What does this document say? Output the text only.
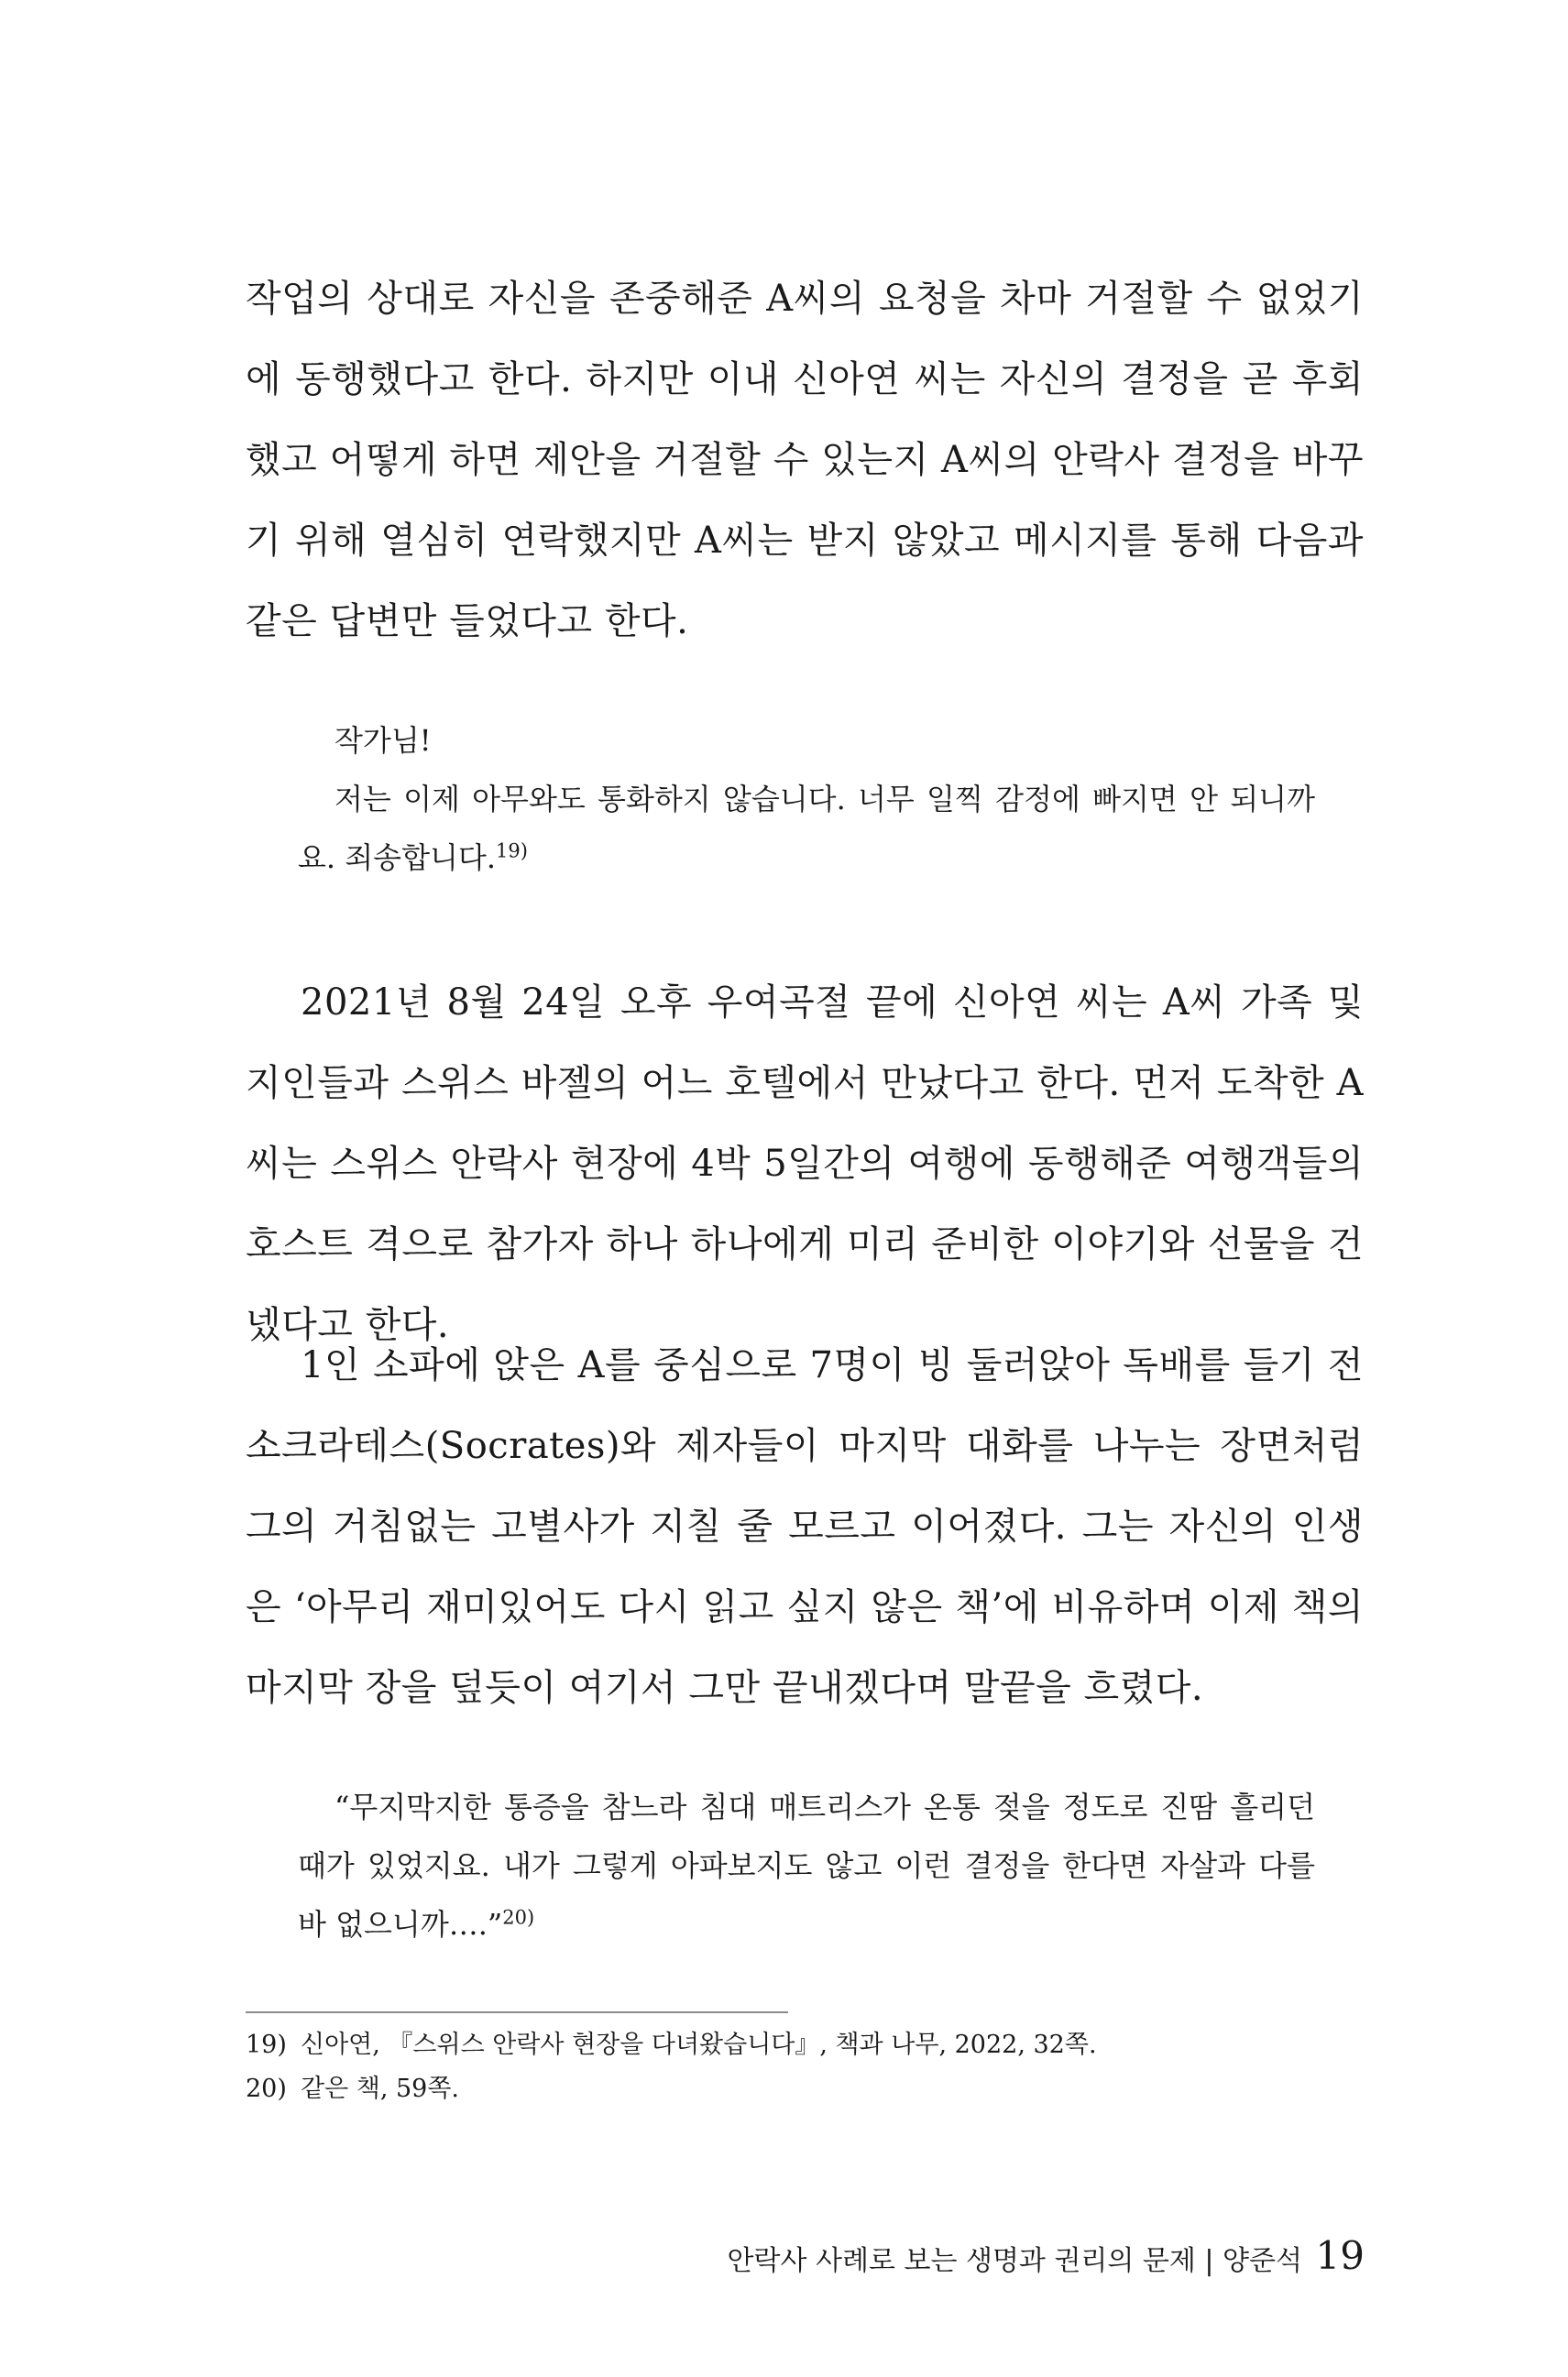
작업의 상대로 자신을 존중해준 A씨의 요청을 차마 거절할 수 없었기에 동행했다고 한다. 하지만 이내 신아연 씨는 자신의 결정을 곧 후회했고 어떻게 하면 제안을 거절할 수 있는지 A씨의 안락사 결정을 바꾸기 위해 열심히 연락했지만 A씨는 받지 않았고 메시지를 통해 다음과 같은 답변만 들었다고 한다.

작가님!
저는 이제 아무와도 통화하지 않습니다. 너무 일찍 감정에 빠지면 안 되니까요. 죄송합니다.$^{19)}$

2021년 8월 24일 오후 우여곡절 끝에 신아연 씨는 A씨 가족 및 지인들과 스위스 바젤의 어느 호텔에서 만났다고 한다. 먼저 도착한 A씨는 스위스 안락사 현장에 4박 5일간의 여행에 동행해준 여행객들의 호스트 격으로 참가자 하나 하나에게 미리 준비한 이야기와 선물을 건넸다고 한다.

1인 소파에 앉은 A를 중심으로 7명이 빙 둘러앉아 독배를 들기 전 소크라테스(Socrates)와 제자들이 마지막 대화를 나누는 장면처럼 그의 거침없는 고별사가 지칠 줄 모르고 이어졌다. 그는 자신의 인생은 ‘아무리 재미있어도 다시 읽고 싶지 않은 책’에 비유하며 이제 책의 마지막 장을 덮듯이 여기서 그만 끝내겠다며 말끝을 흐렸다.

“무지막지한 통증을 참느라 침대 매트리스가 온통 젖을 정도로 진땀 흘리던 때가 있었지요. 내가 그렇게 아파보지도 않고 이런 결정을 한다면 자살과 다를 바 없으니까….”$^{20)}$

19) 신아연, 『스위스 안락사 현장을 다녀왔습니다』, 책과 나무, 2022, 32쪽.
20) 같은 책, 59쪽.
안락사 사례로 보는 생명과 권리의 문제 | 양준석 19
